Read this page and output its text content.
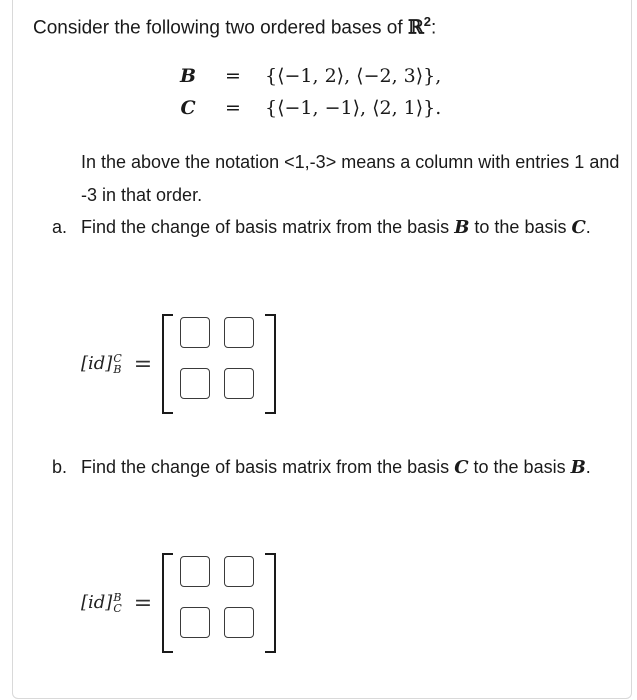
Consider the following two ordered bases of ℝ$^2$:
B	=	{⟨−1, 2⟩, ⟨−2, 3⟩},
C	=	{⟨−1, −1⟩, ⟨2, 1⟩}.
In the above the notation <1,-3> means a column with entries 1 and -3 in that order.
a. Find the change of basis matrix from the basis B to the basis C.
[id] C
B =
b. Find the change of basis matrix from the basis C to the basis B.
[id] B
C =
